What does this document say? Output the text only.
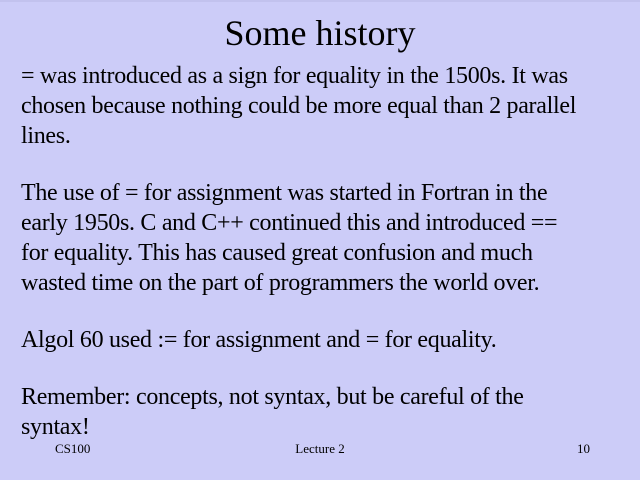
Some history
= was introduced as a sign for equality in the 1500s. It was
chosen because nothing could be more equal than 2 parallel
lines.
The use of = for assignment was started in Fortran in the
early 1950s. C and C++ continued this and introduced ==
for equality. This has caused great confusion and much
wasted time on the part of programmers the world over.
Algol 60 used := for assignment and = for equality.
Remember: concepts, not syntax, but be careful of the
syntax!
CS100	Lecture 2	10
